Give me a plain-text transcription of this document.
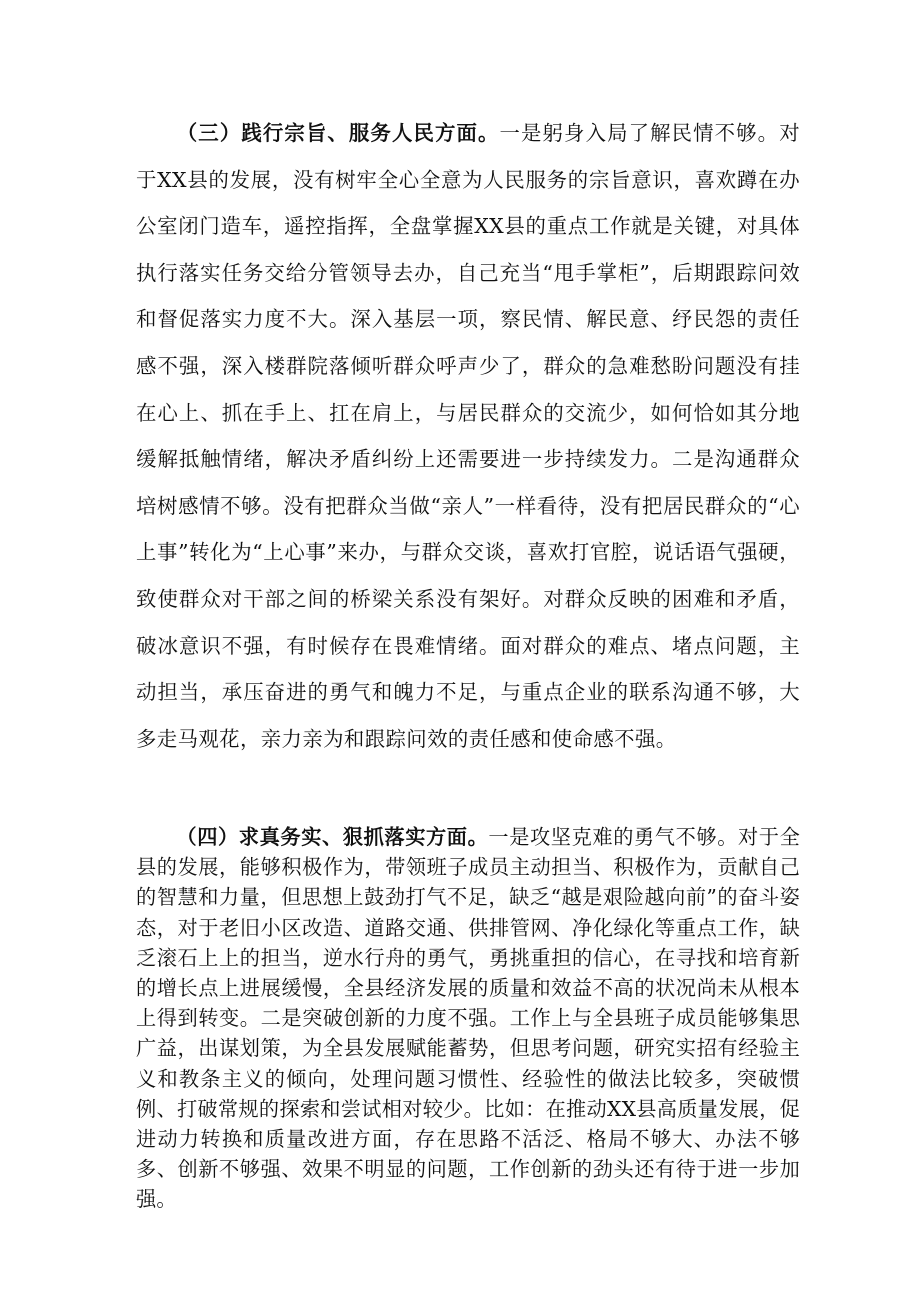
（三）践行宗旨、服务人民方面。一是躬身入局了解民情不够。对于XX县的发展，没有树牢全心全意为人民服务的宗旨意识，喜欢蹲在办公室闭门造车，遥控指挥，全盘掌握XX县的重点工作就是关键，对具体执行落实任务交给分管领导去办，自己充当“甩手掌柜”，后期跟踪问效和督促落实力度不大。深入基层一项，察民情、解民意、纾民怨的责任感不强，深入楼群院落倾听群众呼声少了，群众的急难愁盼问题没有挂在心上、抓在手上、扛在肩上，与居民群众的交流少，如何恰如其分地缓解抵触情绪，解决矛盾纠纷上还需要进一步持续发力。二是沟通群众培树感情不够。没有把群众当做“亲人”一样看待，没有把居民群众的“心上事”转化为“上心事”来办，与群众交谈，喜欢打官腔，说话语气强硬，致使群众对干部之间的桥梁关系没有架好。对群众反映的困难和矛盾，破冰意识不强，有时候存在畏难情绪。面对群众的难点、堵点问题，主动担当，承压奋进的勇气和魄力不足，与重点企业的联系沟通不够，大多走马观花，亲力亲为和跟踪问效的责任感和使命感不强。

（四）求真务实、狠抓落实方面。一是攻坚克难的勇气不够。对于全县的发展，能够积极作为，带领班子成员主动担当、积极作为，贡献自己的智慧和力量，但思想上鼓劲打气不足，缺乏“越是艰险越向前”的奋斗姿态，对于老旧小区改造、道路交通、供排管网、净化绿化等重点工作，缺乏滚石上上的担当，逆水行舟的勇气，勇挑重担的信心，在寻找和培育新的增长点上进展缓慢，全县经济发展的质量和效益不高的状况尚未从根本上得到转变。二是突破创新的力度不强。工作上与全县班子成员能够集思广益，出谋划策，为全县发展赋能蓄势，但思考问题，研究实招有经验主义和教条主义的倾向，处理问题习惯性、经验性的做法比较多，突破惯例、打破常规的探索和尝试相对较少。比如：在推动XX县高质量发展，促进动力转换和质量改进方面，存在思路不活泛、格局不够大、办法不够多、创新不够强、效果不明显的问题，工作创新的劲头还有待于进一步加强。
